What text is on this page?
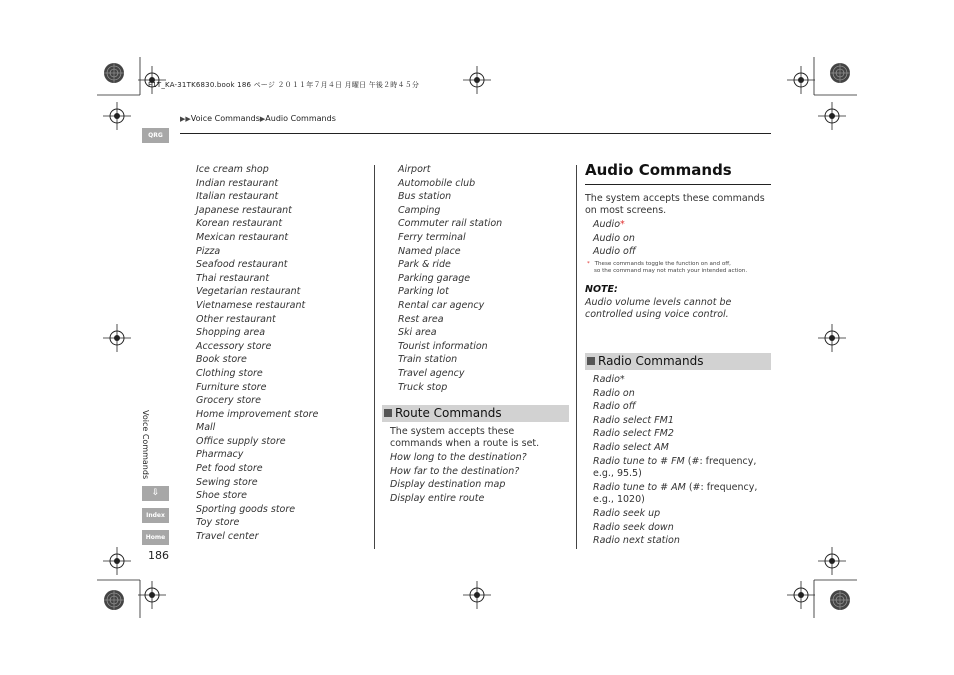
F1T_KA-31TK6830.book 186 ページ ２０１１年７月４日 月曜日 午後２時４５分
▶▶Voice Commands▶Audio Commands
QRG
Voice Commands
⇩
Index
Home
186
Ice cream shop
Indian restaurant
Italian restaurant
Japanese restaurant
Korean restaurant
Mexican restaurant
Pizza
Seafood restaurant
Thai restaurant
Vegetarian restaurant
Vietnamese restaurant
Other restaurant
Shopping area
Accessory store
Book store
Clothing store
Furniture store
Grocery store
Home improvement store
Mall
Office supply store
Pharmacy
Pet food store
Sewing store
Shoe store
Sporting goods store
Toy store
Travel center
Airport
Automobile club
Bus station
Camping
Commuter rail station
Ferry terminal
Named place
Park & ride
Parking garage
Parking lot
Rental car agency
Rest area
Ski area
Tourist information
Train station
Travel agency
Truck stop
Route Commands
The system accepts these commands when a route is set.
How long to the destination?
How far to the destination?
Display destination map
Display entire route
Audio Commands
The system accepts these commands on most screens.
Audio*
Audio on
Audio off
* These commands toggle the function on and off,
so the command may not match your intended action.
NOTE:
Audio volume levels cannot be controlled using voice control.
Radio Commands
Radio*
Radio on
Radio off
Radio select FM1
Radio select FM2
Radio select AM
Radio tune to # FM (#: frequency, e.g., 95.5)
Radio tune to # AM (#: frequency, e.g., 1020)
Radio seek up
Radio seek down
Radio next station
